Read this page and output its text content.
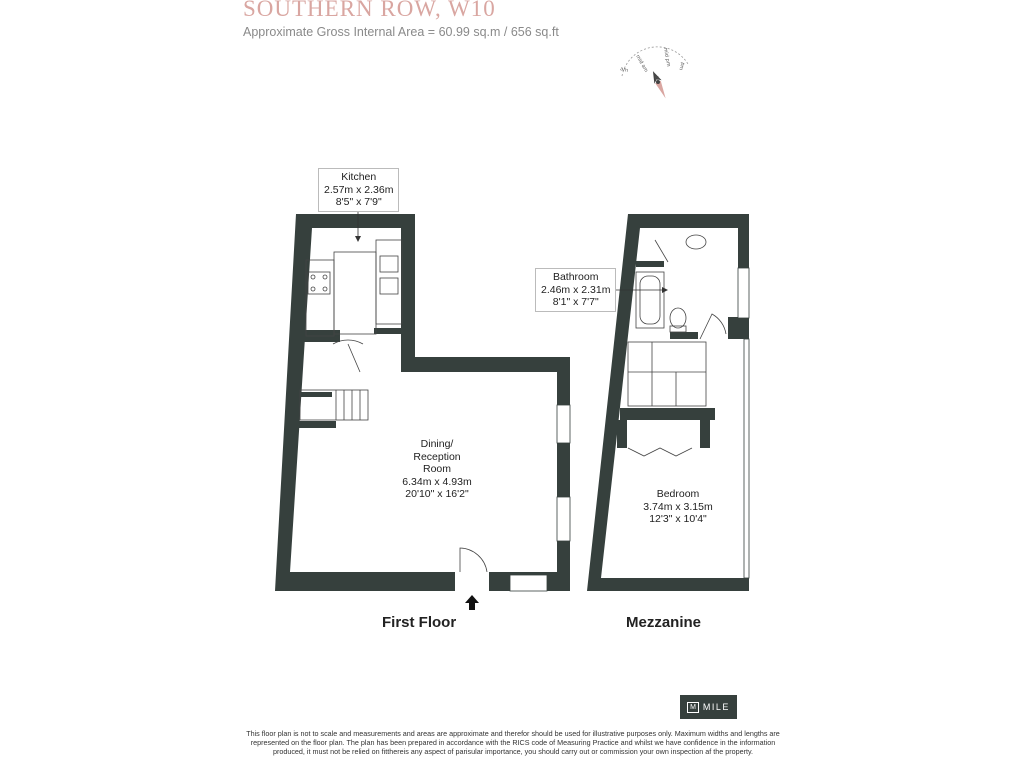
SOUTHERN ROW, W10
Approximate Gross Internal Area = 60.99 sq.m / 656 sq.ft
N
am mid am	mid pm pm
Kitchen
2.57m x 2.36m
8'5" x 7'9"
Dining/
Reception
Room
6.34m x 4.93m
20'10" x 16'2"
Bathroom
2.46m x 2.31m
8'1" x 7'7"
Bedroom
3.74m x 3.15m
12'3" x 10'4"
First Floor	Mezzanine
M MILE
This floor plan is not to scale and measurements and areas are approximate and therefor should be used for illustrative purposes only. Maximum widths and lengths are represented on the floor plan. The plan has been prepared in accordance with the RICS code of Measuring Practice and whilst we have confidence in the information produced, it must not be relied on fitthereis any aspect of parisular importance, you should carry out or commission your own inspection af the property.
